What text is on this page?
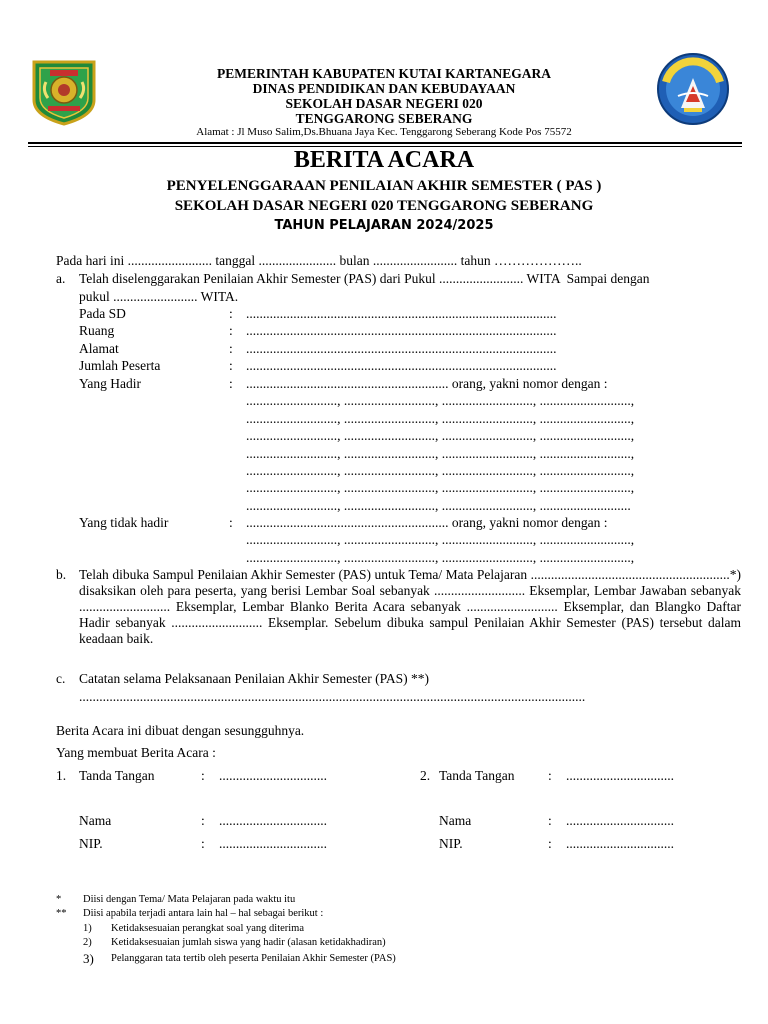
PEMERINTAH KABUPATEN KUTAI KARTANEGARA
DINAS PENDIDIKAN DAN KEBUDAYAAN
SEKOLAH DASAR NEGERI 020
TENGGARONG SEBERANG
Alamat : Jl Muso Salim,Ds.Bhuana Jaya Kec. Tenggarong Seberang Kode Pos 75572
BERITA ACARA
PENYELENGGARAAN PENILAIAN AKHIR SEMESTER ( PAS )
SEKOLAH DASAR NEGERI 020 TENGGARONG SEBERANG
TAHUN PELAJARAN 2024/2025
Pada hari ini ......................... tanggal ....................... bulan ......................... tahun ………………..
a. Telah diselenggarakan Penilaian Akhir Semester (PAS) dari Pukul ......................... WITA  Sampai dengan
pukul ......................... WITA.
Pada SD	: ............................................................................................
Ruang	: ............................................................................................
Alamat	: ............................................................................................
Jumlah Peserta	: ............................................................................................
Yang Hadir	: ............................................................ orang, yakni nomor dengan :
..........................., ..........................., ..........................., ...........................,
..........................., ..........................., ..........................., ...........................,
..........................., ..........................., ..........................., ...........................,
..........................., ..........................., ..........................., ...........................,
..........................., ..........................., ..........................., ...........................,
..........................., ..........................., ..........................., ...........................,
..........................., ..........................., ..........................., ...........................
Yang tidak hadir	: ............................................................ orang, yakni nomor dengan :
..........................., ..........................., ..........................., ...........................,
..........................., ..........................., ..........................., ...........................,
b. Telah dibuka Sampul Penilaian Akhir Semester (PAS) untuk Tema/ Mata Pelajaran ...........................................................*) disaksikan oleh para peserta, yang berisi Lembar Soal sebanyak ........................... Eksemplar, Lembar Jawaban sebanyak ........................... Eksemplar, Lembar Blanko Berita Acara sebanyak ........................... Eksemplar, dan Blangko Daftar Hadir sebanyak ........................... Eksemplar. Sebelum dibuka sampul Penilaian Akhir Semester (PAS) tersebut dalam keadaan baik.
c. Catatan selama Pelaksanaan Penilaian Akhir Semester (PAS) **)
......................................................................................................................................................
Berita Acara ini dibuat dengan sesungguhnya.
Yang membuat Berita Acara :
1. Tanda Tangan	: ................................
Nama	: ................................
NIP.	: ................................
2. Tanda Tangan : ................................
Nama	: ................................
NIP.	: ................................
* Diisi dengan Tema/ Mata Pelajaran pada waktu itu
** Diisi apabila terjadi antara lain hal – hal sebagai berikut :
1) Ketidaksesuaian perangkat soal yang diterima
2) Ketidaksesuaian jumlah siswa yang hadir (alasan ketidakhadiran)
3) Pelanggaran tata tertib oleh peserta Penilaian Akhir Semester (PAS)
